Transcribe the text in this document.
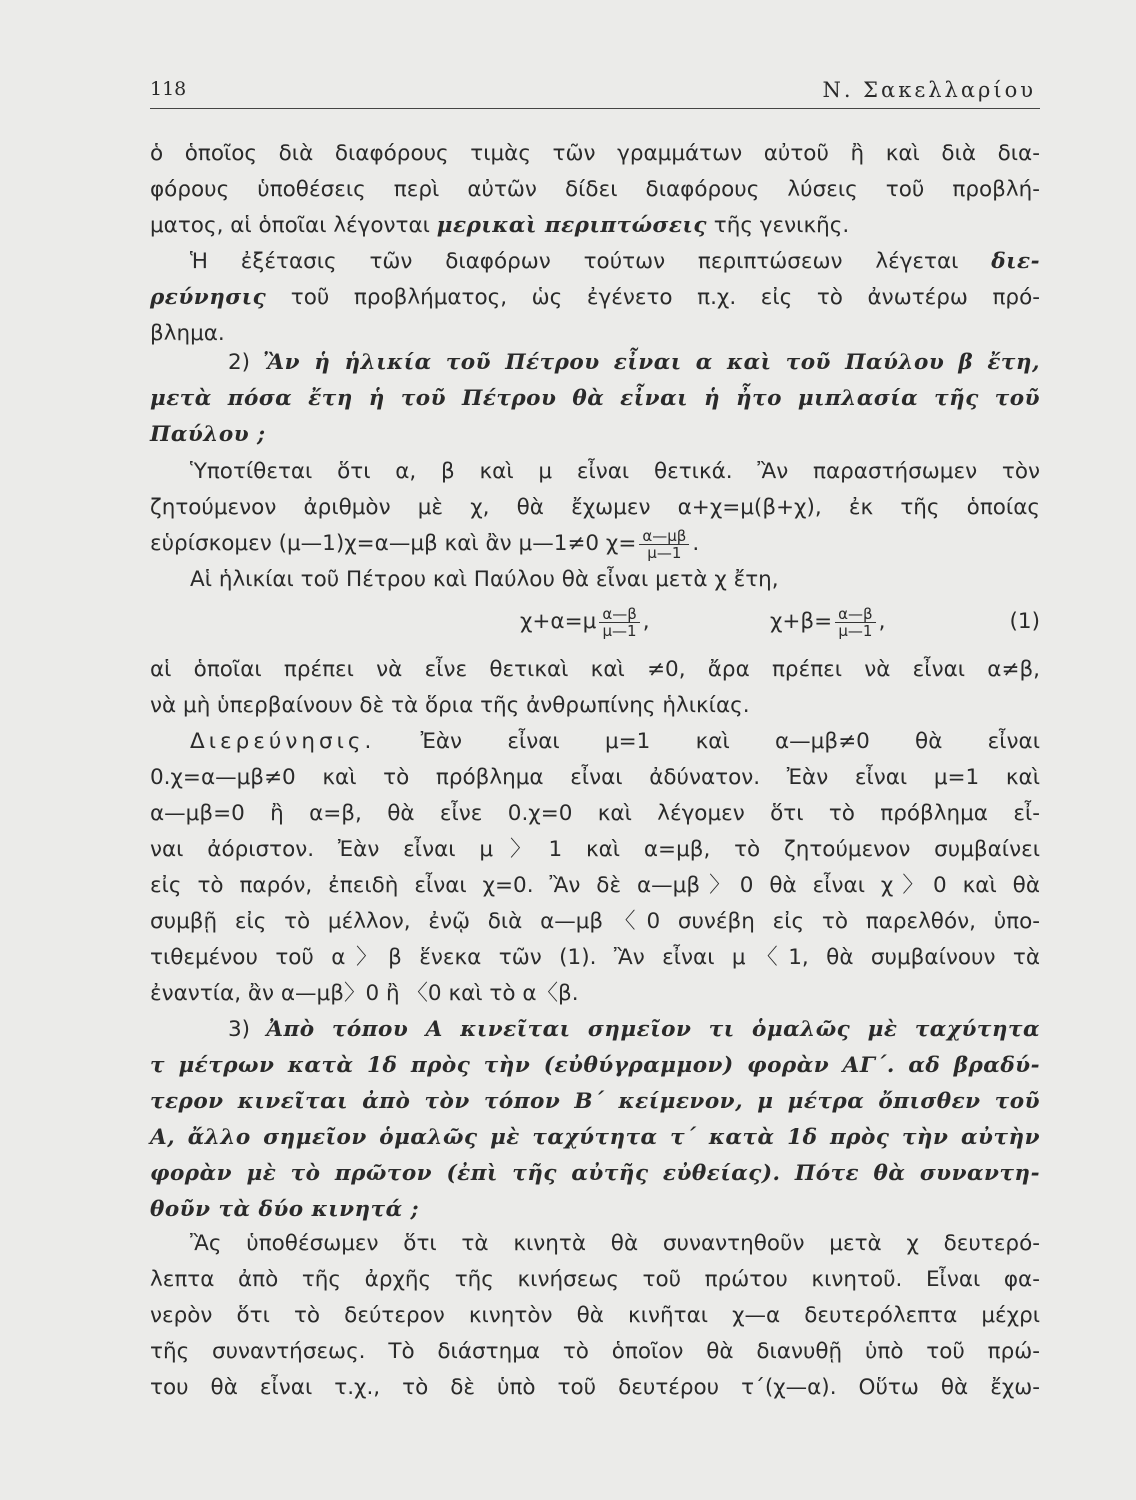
118	Ν. Σακελλαρίου
ὁ ὁποῖος διὰ διαφόρους τιμὰς τῶν γραμμάτων αὐτοῦ ἢ καὶ διὰ δια-
φόρους ὑποθέσεις περὶ αὐτῶν δίδει διαφόρους λύσεις τοῦ προβλή-
ματος, αἱ ὁποῖαι λέγονται μερικαὶ περιπτώσεις τῆς γενικῆς.
Ἡ ἐξέτασις τῶν διαφόρων τούτων περιπτώσεων λέγεται διε-
ρεύνησις τοῦ προβλήματος, ὡς ἐγένετο π.χ. εἰς τὸ ἀνωτέρω πρό-
βλημα.
2) Ἂν ἡ ἡλικία τοῦ Πέτρου εἶναι α καὶ τοῦ Παύλου β ἔτη,
μετὰ πόσα ἔτη ἡ τοῦ Πέτρου θὰ εἶναι ἡ ἦτο μιπλασία τῆς τοῦ
Παύλου ;
Ὑποτίθεται ὅτι α, β καὶ μ εἶναι θετικά. Ἂν παραστήσωμεν τὸν
ζητούμενον ἀριθμὸν μὲ χ, θὰ ἔχωμεν α+χ=μ(β+χ), ἐκ τῆς ὁποίας
εὑρίσκομεν (μ—1)χ=α—μβ καὶ ἂν μ—1≠0 $\chi= \frac{\alpha—\mu\beta}{\mu—1}$ .
Αἱ ἡλικίαι τοῦ Πέτρου καὶ Παύλου θὰ εἶναι μετὰ χ ἔτη,
$\chi+\alpha=\mu \frac{\alpha—\beta}{\mu—1}$ ,	$\chi+\beta= \frac{\alpha—\beta}{\mu—1}$ ,	(1)
αἱ ὁποῖαι πρέπει νὰ εἶνε θετικαὶ καὶ ≠0, ἄρα πρέπει νὰ εἶναι α≠β,
νὰ μὴ ὑπερβαίνουν δὲ τὰ ὅρια τῆς ἀνθρωπίνης ἡλικίας.
Διερεύνησις. Ἐὰν εἶναι μ=1 καὶ α—μβ≠0 θὰ εἶναι
0.χ=α—μβ≠0 καὶ τὸ πρόβλημα εἶναι ἀδύνατον. Ἐὰν εἶναι μ=1 καὶ
α—μβ=0 ἢ α=β, θὰ εἶνε 0.χ=0 καὶ λέγομεν ὅτι τὸ πρόβλημα εἶ-
ναι ἀόριστον. Ἐὰν εἶναι μ〉1 καὶ α=μβ, τὸ ζητούμενον συμβαίνει
εἰς τὸ παρόν, ἐπειδὴ εἶναι χ=0. Ἂν δὲ α—μβ〉0 θὰ εἶναι χ〉0 καὶ θὰ
συμβῇ εἰς τὸ μέλλον, ἐνῷ διὰ α—μβ〈0 συνέβη εἰς τὸ παρελθόν, ὑπο-
τιθεμένου τοῦ α〉β ἕνεκα τῶν (1). Ἂν εἶναι μ〈1, θὰ συμβαίνουν τὰ
ἐναντία, ἂν α—μβ〉0 ἢ 〈0 καὶ τὸ α〈β.
3) Ἀπὸ τόπου Α κινεῖται σημεῖον τι ὁμαλῶς μὲ ταχύτητα
τ μέτρων κατὰ 1δ πρὸς τὴν (εὐθύγραμμον) φορὰν ΑΓ΄. αδ βραδύ-
τερον κινεῖται ἀπὸ τὸν τόπον Β΄ κείμενον, μ μέτρα ὄπισθεν τοῦ
Α, ἄλλο σημεῖον ὁμαλῶς μὲ ταχύτητα τ΄ κατὰ 1δ πρὸς τὴν αὐτὴν
φορὰν μὲ τὸ πρῶτον (ἐπὶ τῆς αὐτῆς εὐθείας). Πότε θὰ συναντη-
θοῦν τὰ δύο κινητά ;
Ἂς ὑποθέσωμεν ὅτι τὰ κινητὰ θὰ συναντηθοῦν μετὰ χ δευτερό-
λεπτα ἀπὸ τῆς ἀρχῆς τῆς κινήσεως τοῦ πρώτου κινητοῦ. Εἶναι φα-
νερὸν ὅτι τὸ δεύτερον κινητὸν θὰ κινῆται χ—α δευτερόλεπτα μέχρι
τῆς συναντήσεως. Τὸ διάστημα τὸ ὁποῖον θὰ διανυθῇ ὑπὸ τοῦ πρώ-
του θὰ εἶναι τ.χ., τὸ δὲ ὑπὸ τοῦ δευτέρου τ΄(χ—α). Οὕτω θὰ ἔχω-
